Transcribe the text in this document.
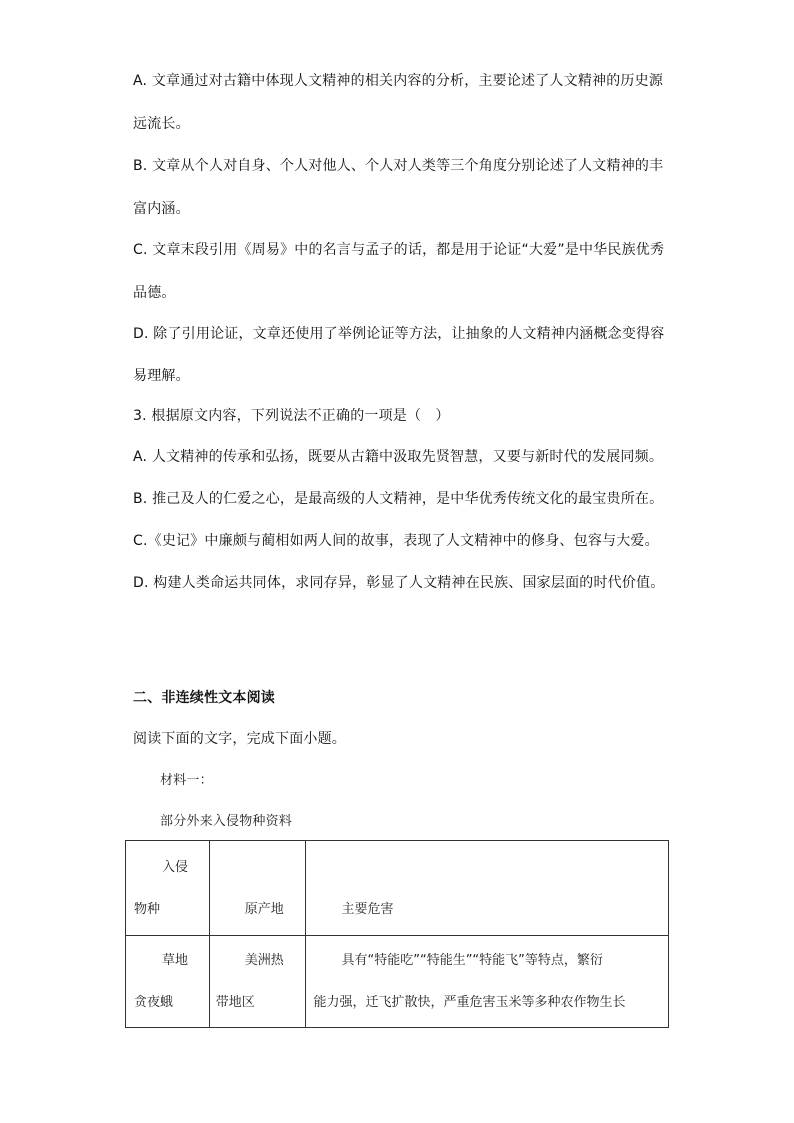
A. 文章通过对古籍中体现人文精神的相关内容的分析，主要论述了人文精神的历史源
远流长。
B. 文章从个人对自身、个人对他人、个人对人类等三个角度分别论述了人文精神的丰
富内涵。
C. 文章末段引用《周易》中的名言与孟子的话，都是用于论证“大爱”是中华民族优秀
品德。
D. 除了引用论证，文章还使用了举例论证等方法，让抽象的人文精神内涵概念变得容
易理解。
3. 根据原文内容，下列说法不正确的一项是（　）
A. 人文精神的传承和弘扬，既要从古籍中汲取先贤智慧，又要与新时代的发展同频。
B. 推己及人的仁爱之心，是最高级的人文精神，是中华优秀传统文化的最宝贵所在。
C.《史记》中廉颇与蔺相如两人间的故事，表现了人文精神中的修身、包容与大爱。
D. 构建人类命运共同体，求同存异，彰显了人文精神在民族、国家层面的时代价值。
二、非连续性文本阅读
阅读下面的文字，完成下面小题。
材料一：
部分外来入侵物种资料
入侵
物种	原产地	主要危害

草地
贪夜蛾	美洲热
带地区	具有“特能吃”“特能生”“特能飞”等特点，繁衍
能力强，迁飞扩散快，严重危害玉米等多种农作物生长
